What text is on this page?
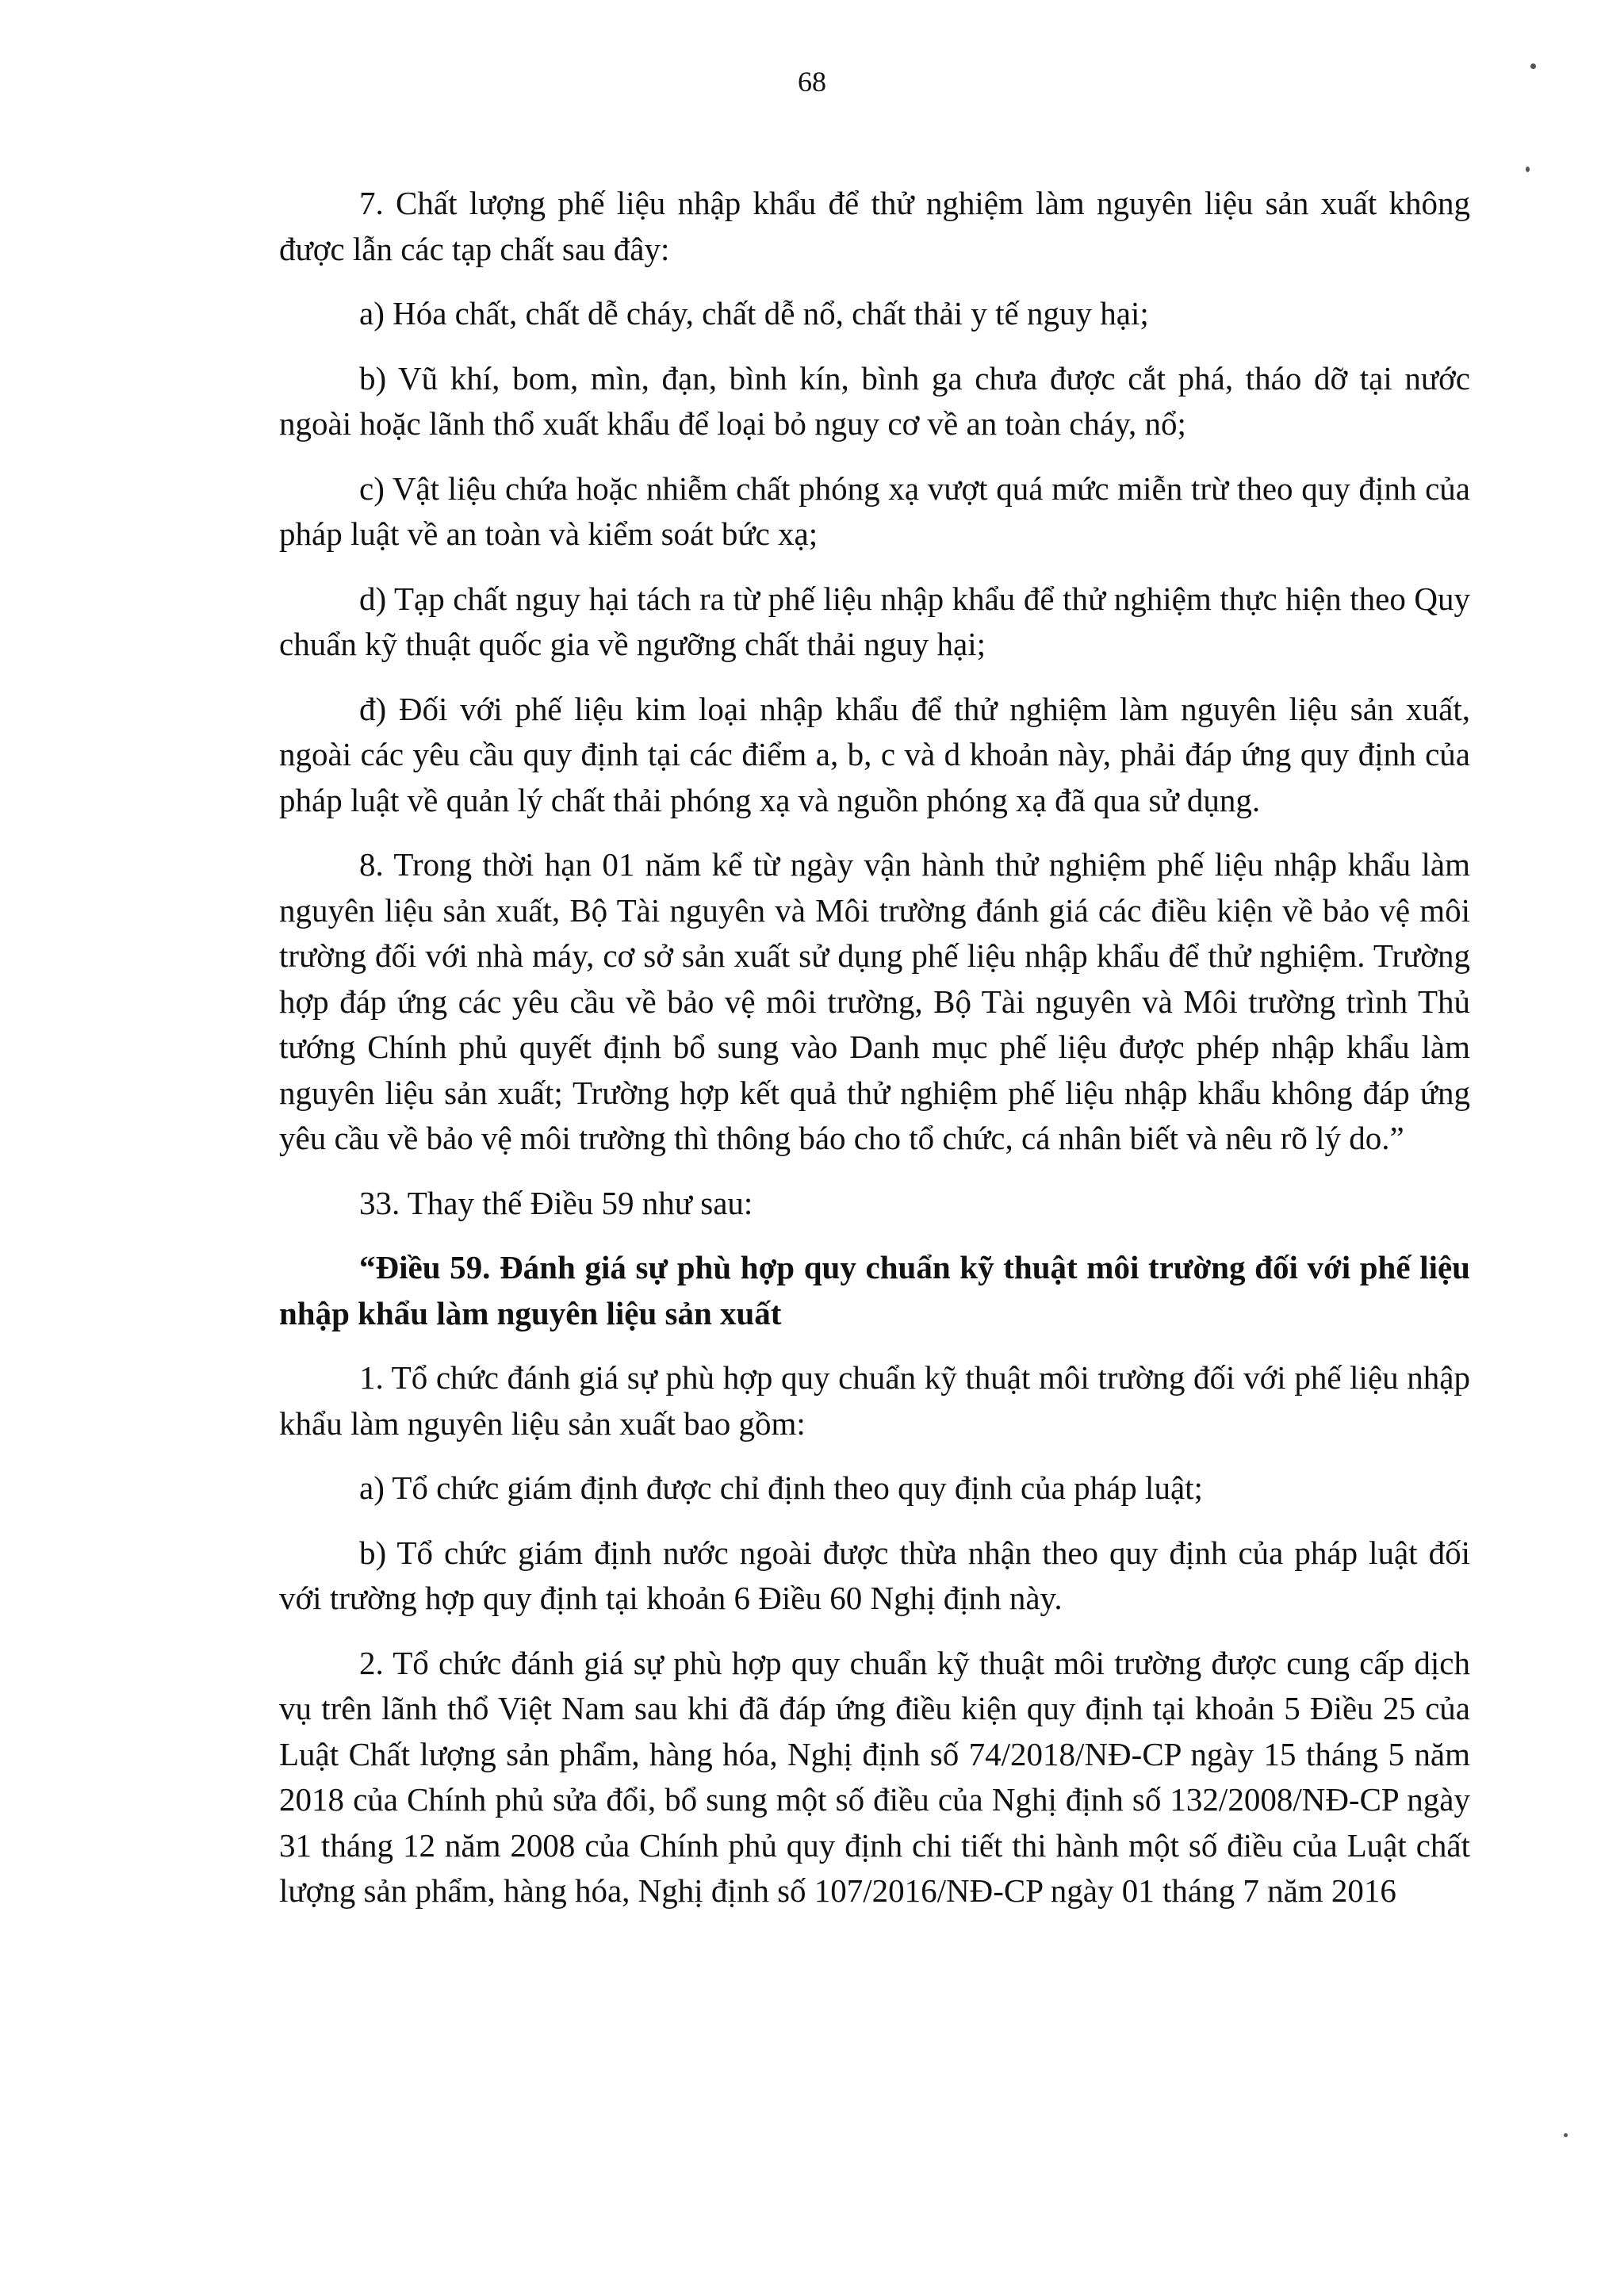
68

7. Chất lượng phế liệu nhập khẩu để thử nghiệm làm nguyên liệu sản xuất không được lẫn các tạp chất sau đây:

a) Hóa chất, chất dễ cháy, chất dễ nổ, chất thải y tế nguy hại;

b) Vũ khí, bom, mìn, đạn, bình kín, bình ga chưa được cắt phá, tháo dỡ tại nước ngoài hoặc lãnh thổ xuất khẩu để loại bỏ nguy cơ về an toàn cháy, nổ;

c) Vật liệu chứa hoặc nhiễm chất phóng xạ vượt quá mức miễn trừ theo quy định của pháp luật về an toàn và kiểm soát bức xạ;

d) Tạp chất nguy hại tách ra từ phế liệu nhập khẩu để thử nghiệm thực hiện theo Quy chuẩn kỹ thuật quốc gia về ngưỡng chất thải nguy hại;

đ) Đối với phế liệu kim loại nhập khẩu để thử nghiệm làm nguyên liệu sản xuất, ngoài các yêu cầu quy định tại các điểm a, b, c và d khoản này, phải đáp ứng quy định của pháp luật về quản lý chất thải phóng xạ và nguồn phóng xạ đã qua sử dụng.

8. Trong thời hạn 01 năm kể từ ngày vận hành thử nghiệm phế liệu nhập khẩu làm nguyên liệu sản xuất, Bộ Tài nguyên và Môi trường đánh giá các điều kiện về bảo vệ môi trường đối với nhà máy, cơ sở sản xuất sử dụng phế liệu nhập khẩu để thử nghiệm. Trường hợp đáp ứng các yêu cầu về bảo vệ môi trường, Bộ Tài nguyên và Môi trường trình Thủ tướng Chính phủ quyết định bổ sung vào Danh mục phế liệu được phép nhập khẩu làm nguyên liệu sản xuất; Trường hợp kết quả thử nghiệm phế liệu nhập khẩu không đáp ứng yêu cầu về bảo vệ môi trường thì thông báo cho tổ chức, cá nhân biết và nêu rõ lý do.”

33. Thay thế Điều 59 như sau:

“Điều 59. Đánh giá sự phù hợp quy chuẩn kỹ thuật môi trường đối với phế liệu nhập khẩu làm nguyên liệu sản xuất

1. Tổ chức đánh giá sự phù hợp quy chuẩn kỹ thuật môi trường đối với phế liệu nhập khẩu làm nguyên liệu sản xuất bao gồm:

a) Tổ chức giám định được chỉ định theo quy định của pháp luật;

b) Tổ chức giám định nước ngoài được thừa nhận theo quy định của pháp luật đối với trường hợp quy định tại khoản 6 Điều 60 Nghị định này.

2. Tổ chức đánh giá sự phù hợp quy chuẩn kỹ thuật môi trường được cung cấp dịch vụ trên lãnh thổ Việt Nam sau khi đã đáp ứng điều kiện quy định tại khoản 5 Điều 25 của Luật Chất lượng sản phẩm, hàng hóa, Nghị định số 74/2018/NĐ-CP ngày 15 tháng 5 năm 2018 của Chính phủ sửa đổi, bổ sung một số điều của Nghị định số 132/2008/NĐ-CP ngày 31 tháng 12 năm 2008 của Chính phủ quy định chi tiết thi hành một số điều của Luật chất lượng sản phẩm, hàng hóa, Nghị định số 107/2016/NĐ-CP ngày 01 tháng 7 năm 2016
